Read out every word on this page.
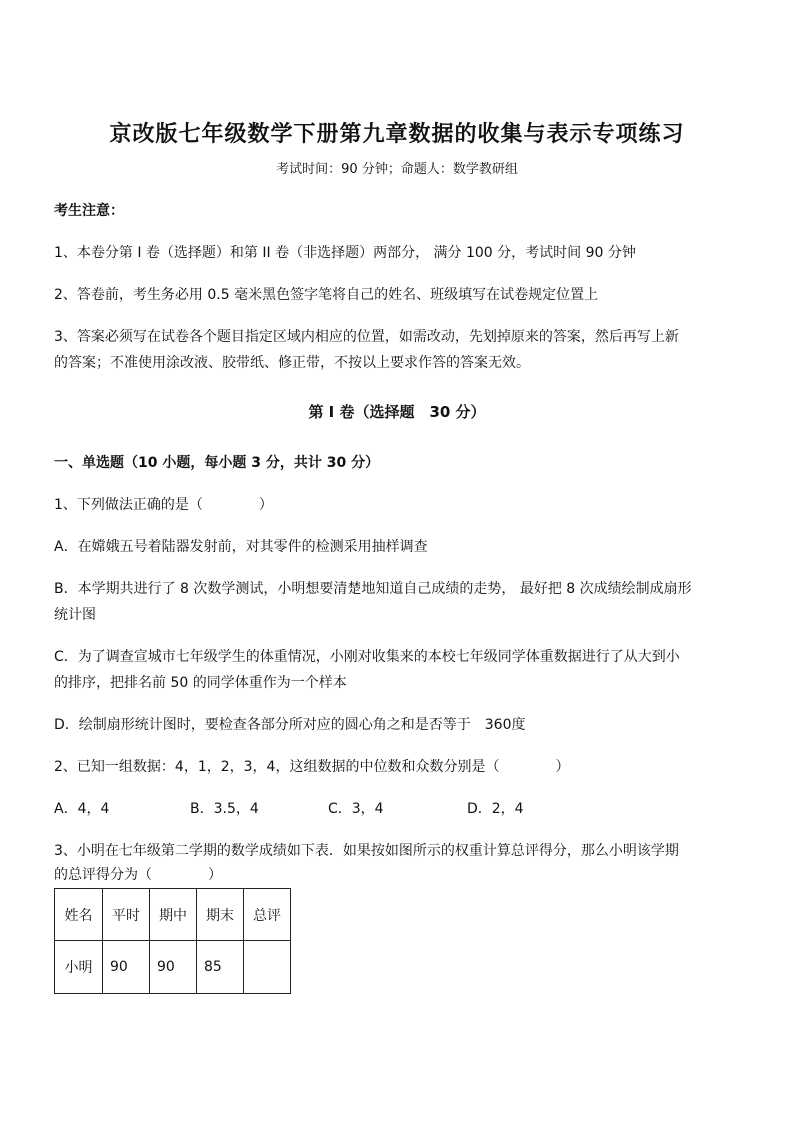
京改版七年级数学下册第九章数据的收集与表示专项练习
考试时间：90 分钟；命题人：数学教研组
考生注意：
1、本卷分第 I 卷（选择题）和第 II 卷（非选择题）两部分， 满分 100 分，考试时间 90 分钟
2、答卷前，考生务必用 0.5 毫米黑色签字笔将自己的姓名、班级填写在试卷规定位置上
3、答案必须写在试卷各个题目指定区域内相应的位置，如需改动，先划掉原来的答案，然后再写上新
的答案；不准使用涂改液、胶带纸、修正带，不按以上要求作答的答案无效。
第 I 卷（选择题　30 分）
一、单选题（10 小题，每小题 3 分，共计 30 分）
1、下列做法正确的是（　　　　）
A．在嫦娥五号着陆器发射前，对其零件的检测采用抽样调查
B．本学期共进行了 8 次数学测试，小明想要清楚地知道自己成绩的走势， 最好把 8 次成绩绘制成扇形
统计图
C．为了调查宣城市七年级学生的体重情况，小刚对收集来的本校七年级同学体重数据进行了从大到小
的排序，把排名前 50 的同学体重作为一个样本
D．绘制扇形统计图时，要检查各部分所对应的圆心角之和是否等于　360度
2、已知一组数据：4，1，2，3，4，这组数据的中位数和众数分别是（　　　　）
A．4，4	B．3.5，4	C．3，4	D．2，4
3、小明在七年级第二学期的数学成绩如下表．如果按如图所示的权重计算总评得分，那么小明该学期
的总评得分为（　　　　）
姓名	平时	期中	期末	总评
小明	90	90	85	
